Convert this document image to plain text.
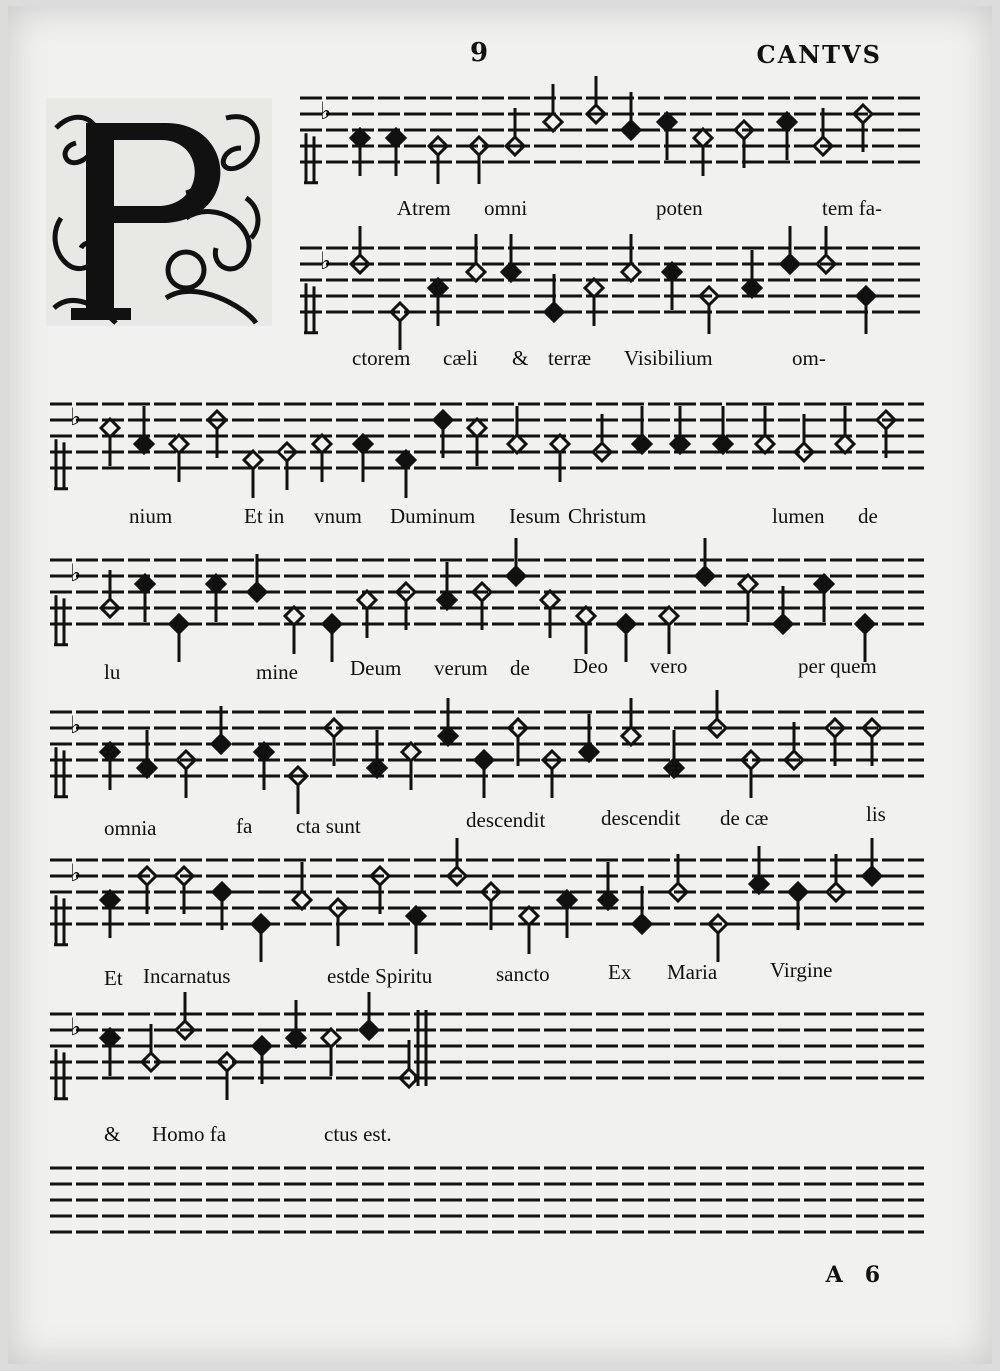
9	CANTVS
♭
♭
♭
♭
♭
♭
♭
Atrem omni	poten	tem fa-
ctorem cæli & terræ Visibilium	om-
nium	Et in vnum Duminum Iesum Christum	lumen de
lu	mine Deum verum de Deo vero	per quem
omnia	fa cta sunt	descendit	descendit de cæ	lis
Et Incarnatus	est de Spiritu	sancto	Ex Maria	Virgine
& Homo fa	ctus est.
A 6
